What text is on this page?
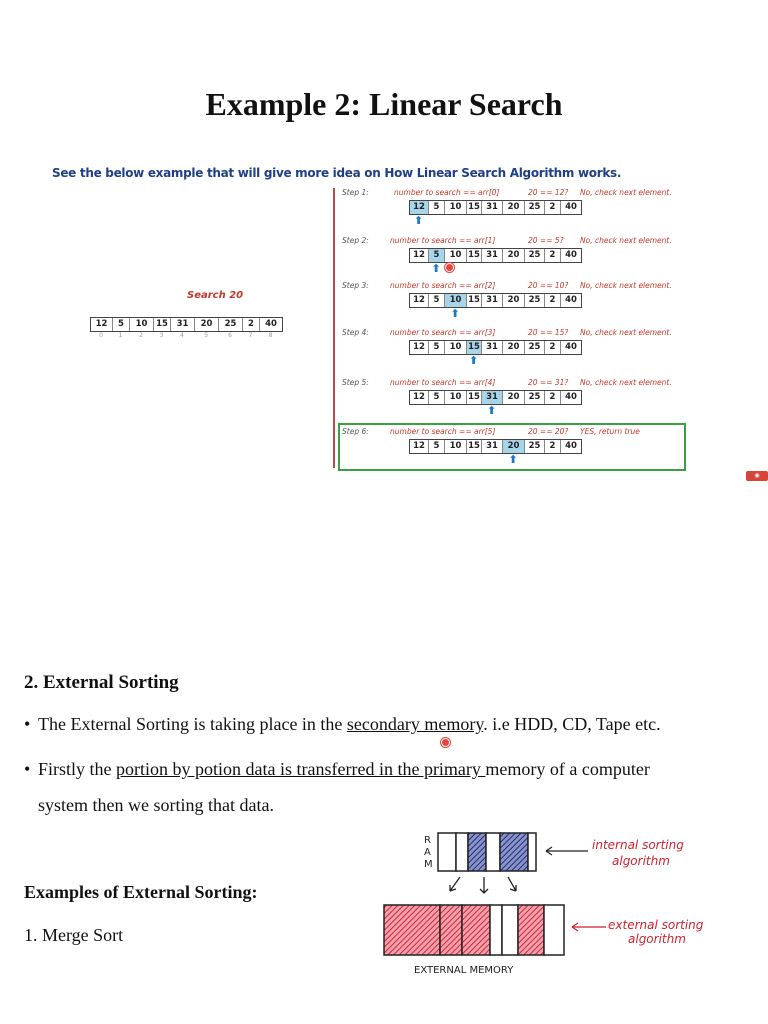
Example 2: Linear Search
See the below example that will give more idea on How Linear Search Algorithm works.
Search 20
12	5	10	15	31	20	25	2	40
0	1	2	3	4	5	6	7	8
Step 1:	number to search == arr[0]	20 == 12? No, check next element.
12	5	10 15 31	20	25	2	40
⬆
Step 2:	number to search == arr[1]	20 == 5? No, check next element.
12	5	10 15 31	20	25	2	40
⬆
Step 3:	number to search == arr[2]	20 == 10? No, check next element.
12	5	10 15 31	20	25	2	40
⬆
Step 4:	number to search == arr[3]	20 == 15? No, check next element.
12	5	10 15 31	20	25	2	40
⬆
Step 5:	number to search == arr[4]	20 == 31? No, check next element.
12	5	10 15 31	20	25	2	40
⬆
Step 6:	number to search == arr[5]	20 == 20? YES, return true
12	5	10 15 31	20	25	2	40
⬆
◉
2. External Sorting
• The External Sorting is taking place in the secondary memory. i.e HDD, CD, Tape etc.
• Firstly the portion by potion data is transferred in the primary memory of a computer
system then we sorting that data.
Examples of External Sorting:
1. Merge Sort
R
A
M
internal sorting
algorithm
external sorting
algorithm
EXTERNAL MEMORY
